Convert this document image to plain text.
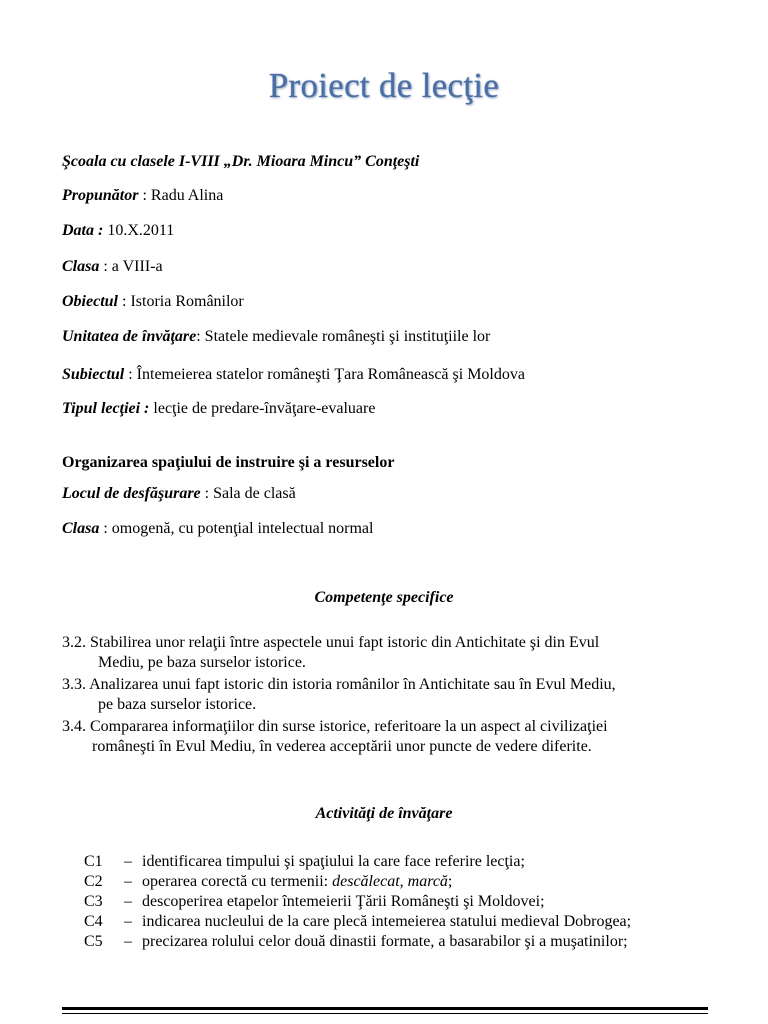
Proiect de lecţie
Şcoala cu clasele I-VIII „Dr. Mioara Mincu” Conţeşti
Propunător : Radu Alina
Data : 10.X.2011
Clasa : a VIII-a
Obiectul : Istoria Românilor
Unitatea de învăţare: Statele medievale româneşti şi instituţiile lor
Subiectul : Întemeierea statelor româneşti Ţara Românească şi Moldova
Tipul lecţiei : lecţie de predare-învăţare-evaluare
Organizarea spaţiului de instruire şi a resurselor
Locul de desfăşurare : Sala de clasă
Clasa : omogenă, cu potenţial intelectual normal
Competenţe specifice
3.2. Stabilirea unor relaţii între aspectele unui fapt istoric din Antichitate şi din Evul
Mediu, pe baza surselor istorice.
3.3. Analizarea unui fapt istoric din istoria românilor în Antichitate sau în Evul Mediu,
pe baza surselor istorice.
3.4. Compararea informaţiilor din surse istorice, referitoare la un aspect al civilizaţiei
româneşti în Evul Mediu, în vederea acceptării unor puncte de vedere diferite.
Activităţi de învăţare
C1 – identificarea timpului şi spaţiului la care face referire lecţia;
C2 – operarea corectă cu termenii: descălecat, marcă;
C3 – descoperirea etapelor întemeierii Ţării Româneşti şi Moldovei;
C4 – indicarea nucleului de la care plecă intemeierea statului medieval Dobrogea;
C5 – precizarea rolului celor două dinastii formate, a basarabilor şi a muşatinilor;
